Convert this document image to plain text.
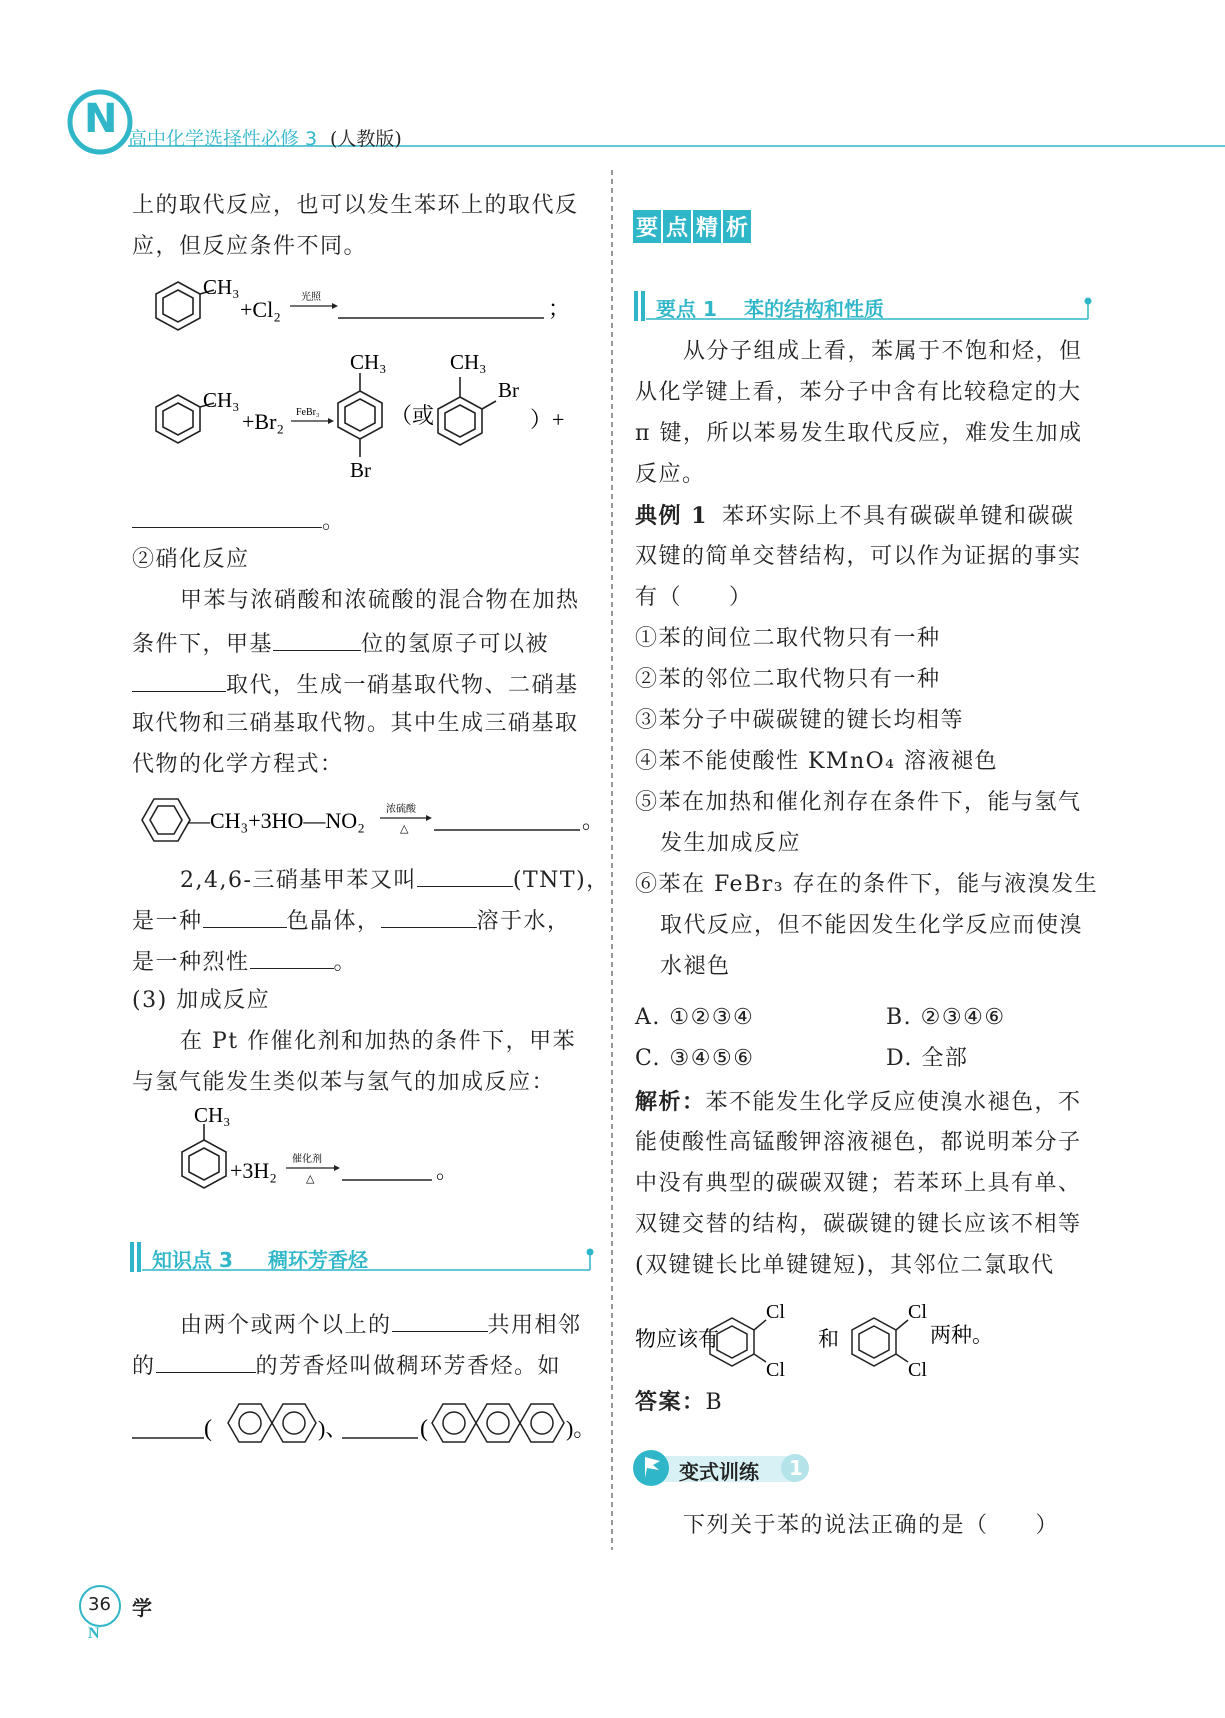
N 高中化学选择性必修 3 (人教版)
上的取代反应，也可以发生苯环上的取代反
应，但反应条件不同。
CH₃
+Cl₂ 光照	；
CH₃
+Br₂ FeBr₃
CH₃
Br
（或
CH₃
Br
）+
。
②硝化反应
甲苯与浓硝酸和浓硫酸的混合物在加热
条件下，甲基	位的氢原子可以被
取代，生成一硝基取代物、二硝基
取代物和三硝基取代物。其中生成三硝基取
代物的化学方程式：
—CH₃+3HO—NO₂ 浓硫酸
△	。
2,4,6-三硝基甲苯又叫	(TNT)，
是一种	色晶体，	溶于水，
是一种烈性	。
(3) 加成反应
在 Pt 作催化剂和加热的条件下，甲苯
与氢气能发生类似苯与氢气的加成反应：
CH₃
+3H₂ 催化剂
△	。
知识点 3 稠环芳香烃
由两个或两个以上的	共用相邻
的	的芳香烃叫做稠环芳香烃。如
(	)、	(	)。
要 点 精 析
要点 1 苯的结构和性质
从分子组成上看，苯属于不饱和烃，但
从化学键上看，苯分子中含有比较稳定的大
π 键，所以苯易发生取代反应，难发生加成
反应。
典例 1 苯环实际上不具有碳碳单键和碳碳
双键的简单交替结构，可以作为证据的事实
有（　　）
①苯的间位二取代物只有一种
②苯的邻位二取代物只有一种
③苯分子中碳碳键的键长均相等
④苯不能使酸性 KMnO₄ 溶液褪色
⑤苯在加热和催化剂存在条件下，能与氢气
发生加成反应
⑥苯在 FeBr₃ 存在的条件下，能与液溴发生
取代反应，但不能因发生化学反应而使溴
水褪色
A. ①②③④	B. ②③④⑥
C. ③④⑤⑥	D. 全部
解析：苯不能发生化学反应使溴水褪色，不
能使酸性高锰酸钾溶液褪色，都说明苯分子
中没有典型的碳碳双键；若苯环上具有单、
双键交替的结构，碳碳键的键长应该不相等
(双键键长比单键键短)，其邻位二氯取代
物应该有
Cl
Cl
和
Cl
Cl
两种。
答案：B
变式训练 1
下列关于苯的说法正确的是（　　）
N
36 学
